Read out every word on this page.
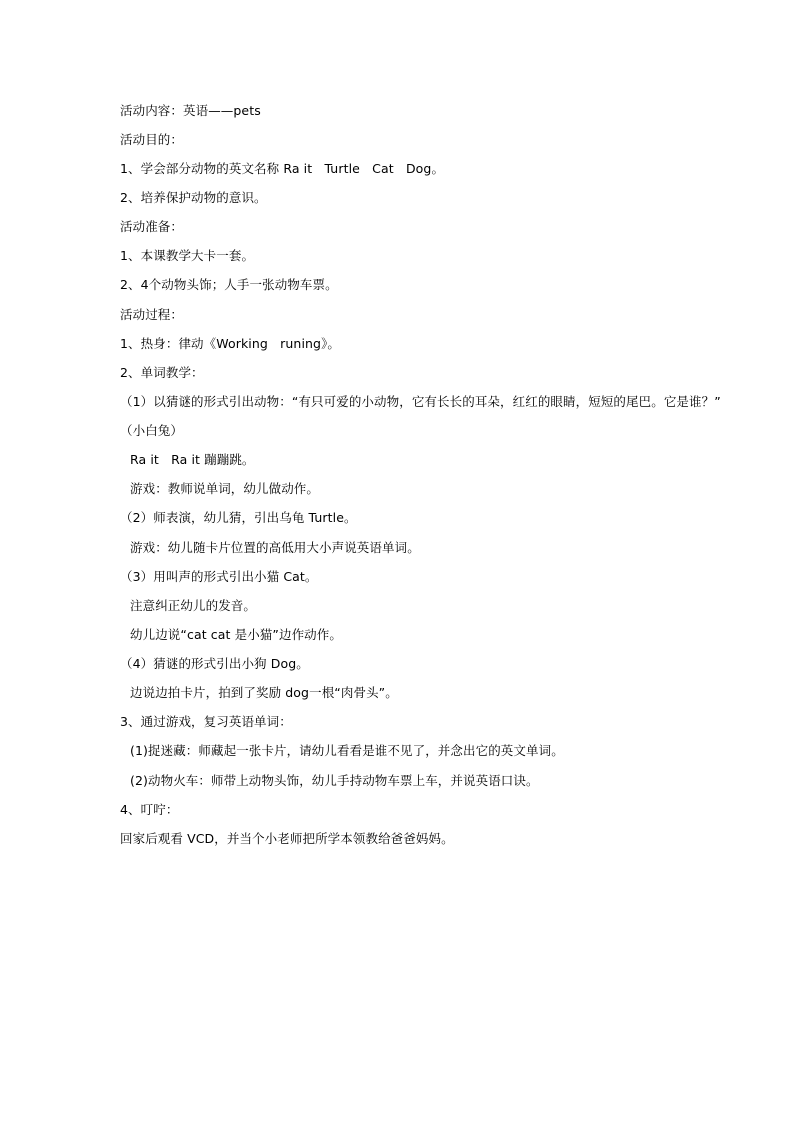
活动内容：英语——pets
活动目的：
1、学会部分动物的英文名称 Ra it   Turtle   Cat   Dog。
2、培养保护动物的意识。
活动准备：
1、本课教学大卡一套。
2、4个动物头饰；人手一张动物车票。
活动过程：
1、热身：律动《Working   runing》。
2、单词教学：
（1）以猜谜的形式引出动物：“有只可爱的小动物，它有长长的耳朵，红红的眼睛，短短的尾巴。它是谁？”
（小白兔）
Ra it   Ra it 蹦蹦跳。
游戏：教师说单词，幼儿做动作。
（2）师表演，幼儿猜，引出乌龟 Turtle。
游戏：幼儿随卡片位置的高低用大小声说英语单词。
（3）用叫声的形式引出小猫 Cat。
注意纠正幼儿的发音。
幼儿边说“cat cat 是小猫”边作动作。
（4）猜谜的形式引出小狗 Dog。
边说边拍卡片，拍到了奖励 dog一根“肉骨头”。
3、通过游戏，复习英语单词：
(1)捉迷藏：师藏起一张卡片，请幼儿看看是谁不见了，并念出它的英文单词。
(2)动物火车：师带上动物头饰，幼儿手持动物车票上车，并说英语口诀。
4、叮咛：
回家后观看 VCD，并当个小老师把所学本领教给爸爸妈妈。
